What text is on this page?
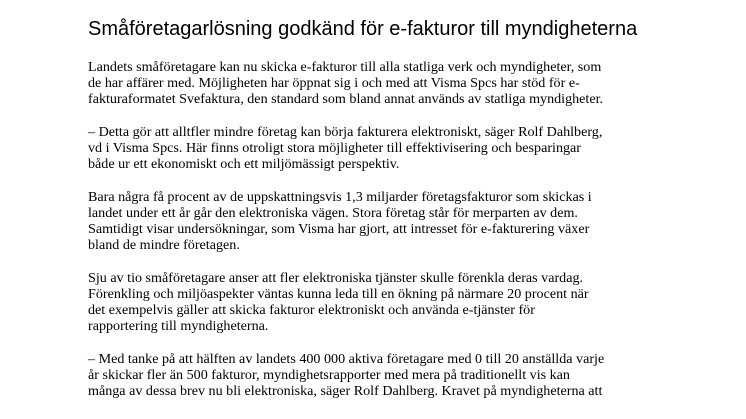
Småföretagarlösning godkänd för e-fakturor till myndigheterna

Landets småföretagare kan nu skicka e-fakturor till alla statliga verk och myndigheter, som
de har affärer med. Möjligheten har öppnat sig i och med att Visma Spcs har stöd för e-
fakturaformatet Svefaktura, den standard som bland annat används av statliga myndigheter.

– Detta gör att alltfler mindre företag kan börja fakturera elektroniskt, säger Rolf Dahlberg,
vd i Visma Spcs. Här finns otroligt stora möjligheter till effektivisering och besparingar
både ur ett ekonomiskt och ett miljömässigt perspektiv.

Bara några få procent av de uppskattningsvis 1,3 miljarder företagsfakturor som skickas i
landet under ett år går den elektroniska vägen. Stora företag står för merparten av dem.
Samtidigt visar undersökningar, som Visma har gjort, att intresset för e-fakturering växer
bland de mindre företagen.

Sju av tio småföretagare anser att fler elektroniska tjänster skulle förenkla deras vardag.
Förenkling och miljöaspekter väntas kunna leda till en ökning på närmare 20 procent när
det exempelvis gäller att skicka fakturor elektroniskt och använda e-tjänster för
rapportering till myndigheterna.

– Med tanke på att hälften av landets 400 000 aktiva företagare med 0 till 20 anställda varje
år skickar fler än 500 fakturor, myndighetsrapporter med mera på traditionellt vis kan
många av dessa brev nu bli elektroniska, säger Rolf Dahlberg. Kravet på myndigheterna att
